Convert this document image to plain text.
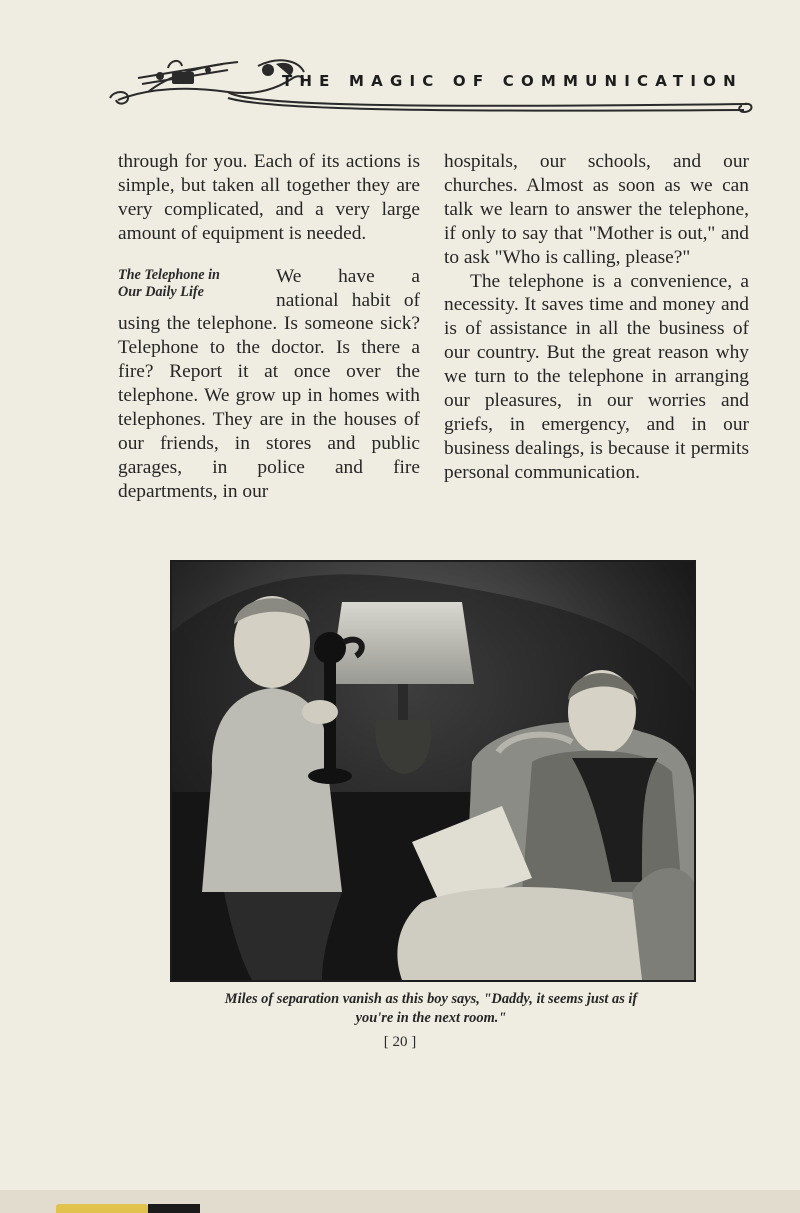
THE MAGIC OF COMMUNICATION

through for you. Each of its actions is simple, but taken all together they are very complicated, and a very large amount of equipment is needed.

The Telephone in
Our Daily Life

We have a national habit of using the telephone. Is someone sick? Telephone to the doctor. Is there a fire? Report it at once over the telephone. We grow up in homes with telephones. They are in the houses of our friends, in stores and public garages, in police and fire departments, in our

hospitals, our schools, and our churches. Almost as soon as we can talk we learn to answer the telephone, if only to say that "Mother is out," and to ask "Who is calling, please?"

The telephone is a convenience, a necessity. It saves time and money and is of assistance in all the business of our country. But the great reason why we turn to the telephone in arranging our pleasures, in our worries and griefs, in emergency, and in our business dealings, is because it permits personal communication.

Miles of separation vanish as this boy says, "Daddy, it seems just as if
you're in the next room."
[ 20 ]
